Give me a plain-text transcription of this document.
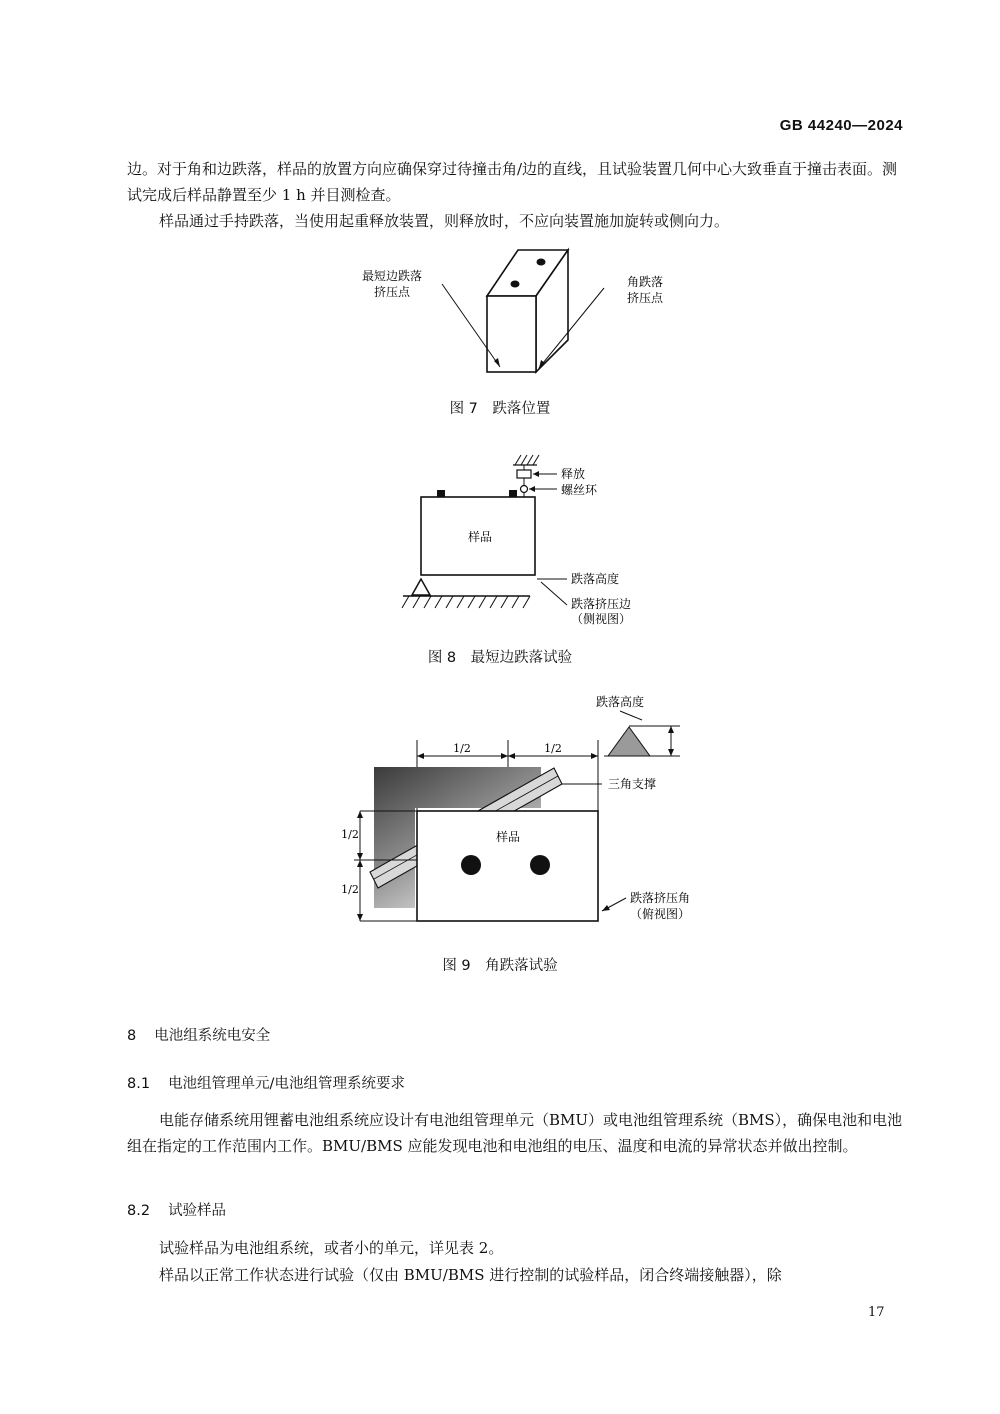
GB 44240—2024
边。对于角和边跌落，样品的放置方向应确保穿过待撞击角/边的直线，且试验装置几何中心大致垂直于撞击表面。测试完成后样品静置至少 1 h 并目测检查。
样品通过手持跌落，当使用起重释放装置，则释放时，不应向装置施加旋转或侧向力。
最短边跌落
挤压点
角跌落
挤压点
图 7　跌落位置
样品
释放
螺丝环
跌落高度
跌落挤压边
（侧视图）
图 8　最短边跌落试验
跌落高度
1/2	1/2
三角支撑
样品
1/2
1/2
跌落挤压角
（俯视图）
图 9　角跌落试验
8 电池组系统电安全
8.1 电池组管理单元/电池组管理系统要求
电能存储系统用锂蓄电池组系统应设计有电池组管理单元（BMU）或电池组管理系统（BMS），确保电池和电池组在指定的工作范围内工作。BMU/BMS 应能发现电池和电池组的电压、温度和电流的异常状态并做出控制。
8.2 试验样品
试验样品为电池组系统，或者小的单元，详见表 2。
样品以正常工作状态进行试验（仅由 BMU/BMS 进行控制的试验样品，闭合终端接触器），除
17
